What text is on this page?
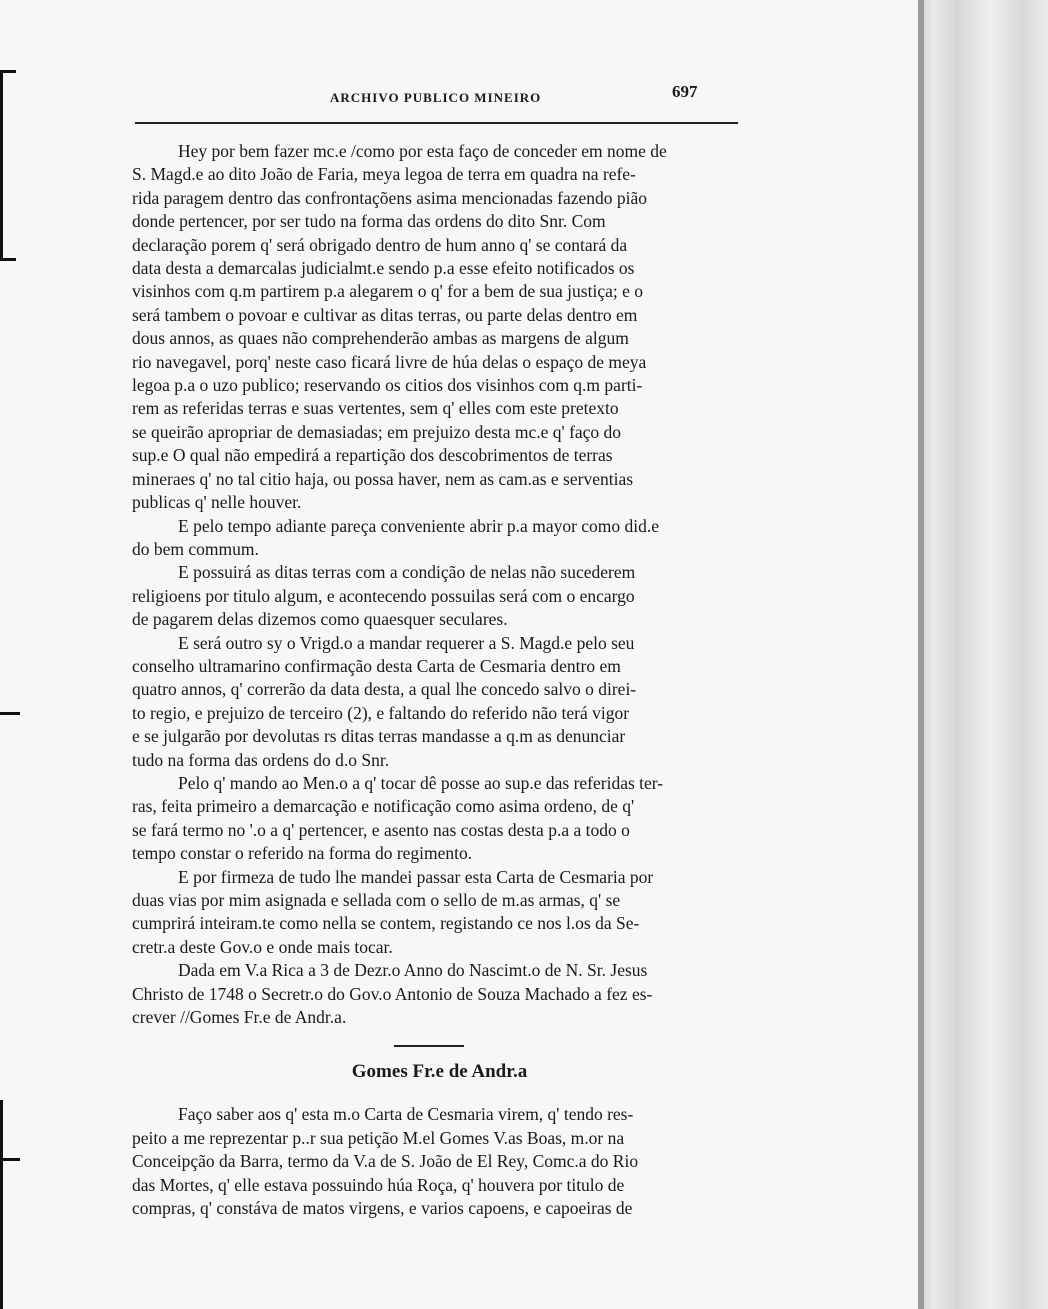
ARCHIVO PUBLICO MINEIRO	697

Hey por bem fazer mc.e /como por esta faço de conceder em nome de

S. Magd.e ao dito João de Faria, meya legoa de terra em quadra na refe-

rida paragem dentro das confrontaçõens asima mencionadas fazendo pião

donde pertencer, por ser tudo na forma das ordens do dito Snr. Com

declaração porem q' será obrigado dentro de hum anno q' se contará da

data desta a demarcalas judicialmt.e sendo p.a esse efeito notificados os

visinhos com q.m partirem p.a alegarem o q' for a bem de sua justiça; e o

será tambem o povoar e cultivar as ditas terras, ou parte delas dentro em

dous annos, as quaes não comprehenderão ambas as margens de algum

rio navegavel, porq' neste caso ficará livre de húa delas o espaço de meya

legoa p.a o uzo publico; reservando os citios dos visinhos com q.m parti-

rem as referidas terras e suas vertentes, sem q' elles com este pretexto

se queirão apropriar de demasiadas; em prejuizo desta mc.e q' faço do

sup.e O qual não empedirá a repartição dos descobrimentos de terras

mineraes q' no tal citio haja, ou possa haver, nem as cam.as e serventias

publicas q' nelle houver.

E pelo tempo adiante pareça conveniente abrir p.a mayor como did.e

do bem commum.

E possuirá as ditas terras com a condição de nelas não sucederem

religioens por titulo algum, e acontecendo possuilas será com o encargo

de pagarem delas dizemos como quaesquer seculares.

E será outro sy o Vrigd.o a mandar requerer a S. Magd.e pelo seu

conselho ultramarino confirmação desta Carta de Cesmaria dentro em

quatro annos, q' correrão da data desta, a qual lhe concedo salvo o direi-

to regio, e prejuizo de terceiro (2), e faltando do referido não terá vigor

e se julgarão por devolutas rs ditas terras mandasse a q.m as denunciar

tudo na forma das ordens do d.o Snr.

Pelo q' mando ao Men.o a q' tocar dê posse ao sup.e das referidas ter-

ras, feita primeiro a demarcação e notificação como asima ordeno, de q'

se fará termo no '.o a q' pertencer, e asento nas costas desta p.a a todo o

tempo constar o referido na forma do regimento.

E por firmeza de tudo lhe mandei passar esta Carta de Cesmaria por

duas vias por mim asignada e sellada com o sello de m.as armas, q' se

cumprirá inteiram.te como nella se contem, registando ce nos l.os da Se-

cretr.a deste Gov.o e onde mais tocar.

Dada em V.a Rica a 3 de Dezr.o Anno do Nascimt.o de N. Sr. Jesus

Christo de 1748 o Secretr.o do Gov.o Antonio de Souza Machado a fez es-

crever //Gomes Fr.e de Andr.a.

Gomes Fr.e de Andr.a

Faço saber aos q' esta m.o Carta de Cesmaria virem, q' tendo res-

peito a me reprezentar p..r sua petição M.el Gomes V.as Boas, m.or na

Conceipção da Barra, termo da V.a de S. João de El Rey, Comc.a do Rio

das Mortes, q' elle estava possuindo húa Roça, q' houvera por titulo de

compras, q' constáva de matos virgens, e varios capoens, e capoeiras de
